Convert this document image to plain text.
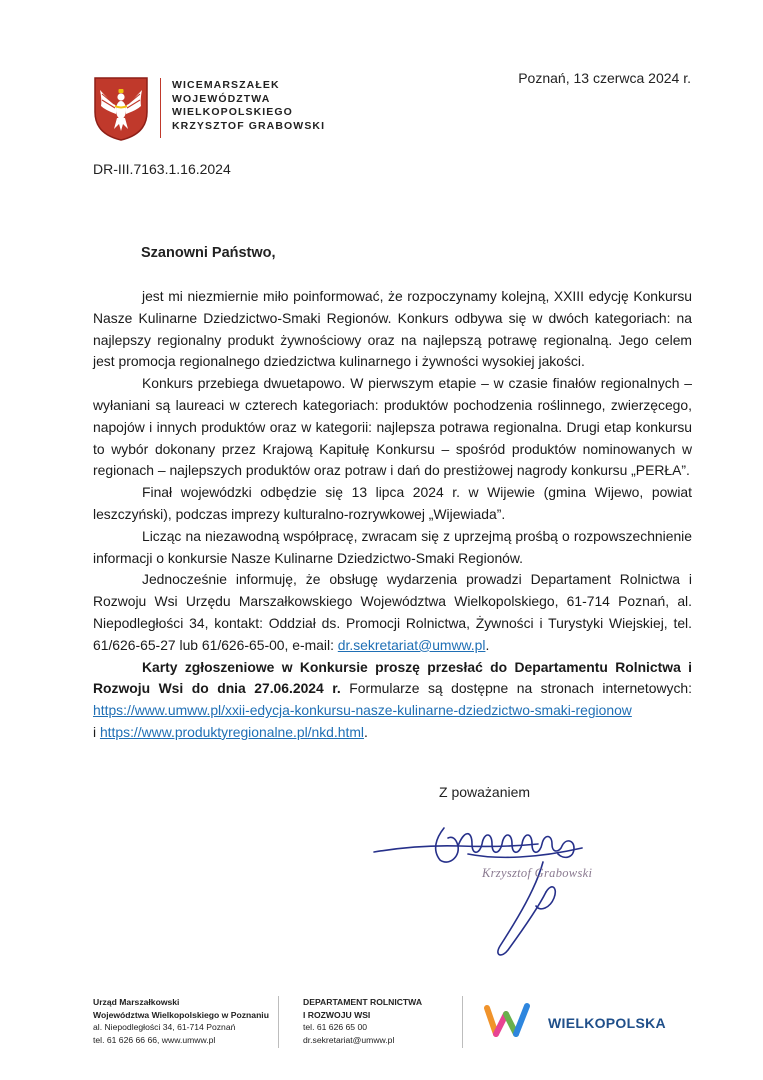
WICEMARSZAŁEK
WOJEWÓDZTWA
WIELKOPOLSKIEGO
KRZYSZTOF GRABOWSKI
Poznań, 13 czerwca 2024 r.
DR-III.7163.1.16.2024
Szanowni Państwo,

jest mi niezmiernie miło poinformować, że rozpoczynamy kolejną, XXIII edycję Konkursu Nasze Kulinarne Dziedzictwo-Smaki Regionów. Konkurs odbywa się w dwóch kategoriach: na najlepszy regionalny produkt żywnościowy oraz na najlepszą potrawę regionalną. Jego celem jest promocja regionalnego dziedzictwa kulinarnego i żywności wysokiej jakości.

Konkurs przebiega dwuetapowo. W pierwszym etapie – w czasie finałów regionalnych – wyłaniani są laureaci w czterech kategoriach: produktów pochodzenia roślinnego, zwierzęcego, napojów i innych produktów oraz w kategorii: najlepsza potrawa regionalna. Drugi etap konkursu to wybór dokonany przez Krajową Kapitułę Konkursu – spośród produktów nominowanych w regionach – najlepszych produktów oraz potraw i dań do prestiżowej nagrody konkursu „PERŁA”.

Finał wojewódzki odbędzie się 13 lipca 2024 r. w Wijewie (gmina Wijewo, powiat leszczyński), podczas imprezy kulturalno-rozrywkowej „Wijewiada”.

Licząc na niezawodną współpracę, zwracam się z uprzejmą prośbą o rozpowszechnienie informacji o konkursie Nasze Kulinarne Dziedzictwo-Smaki Regionów.

Jednocześnie informuję, że obsługę wydarzenia prowadzi Departament Rolnictwa i Rozwoju Wsi Urzędu Marszałkowskiego Województwa Wielkopolskiego, 61-714 Poznań, al. Niepodległości 34, kontakt: Oddział ds. Promocji Rolnictwa, Żywności i Turystyki Wiejskiej, tel. 61/626-65-27 lub 61/626-65-00, e-mail: dr.sekretariat@umww.pl.

Karty zgłoszeniowe w Konkursie proszę przesłać do Departamentu Rolnictwa i Rozwoju Wsi do dnia 27.06.2024 r. Formularze są dostępne na stronach internetowych: https://www.umww.pl/xxii-edycja-konkursu-nasze-kulinarne-dziedzictwo-smaki-regionow
i https://www.produktyregionalne.pl/nkd.html.

Z poważaniem
Krzysztof Grabowski
Urząd Marszałkowski
Województwa Wielkopolskiego w Poznaniu
al. Niepodległości 34, 61-714 Poznań
tel. 61 626 66 66, www.umww.pl
DEPARTAMENT ROLNICTWA
I ROZWOJU WSI
tel. 61 626 65 00
dr.sekretariat@umww.pl
WIELKOPOLSKA
